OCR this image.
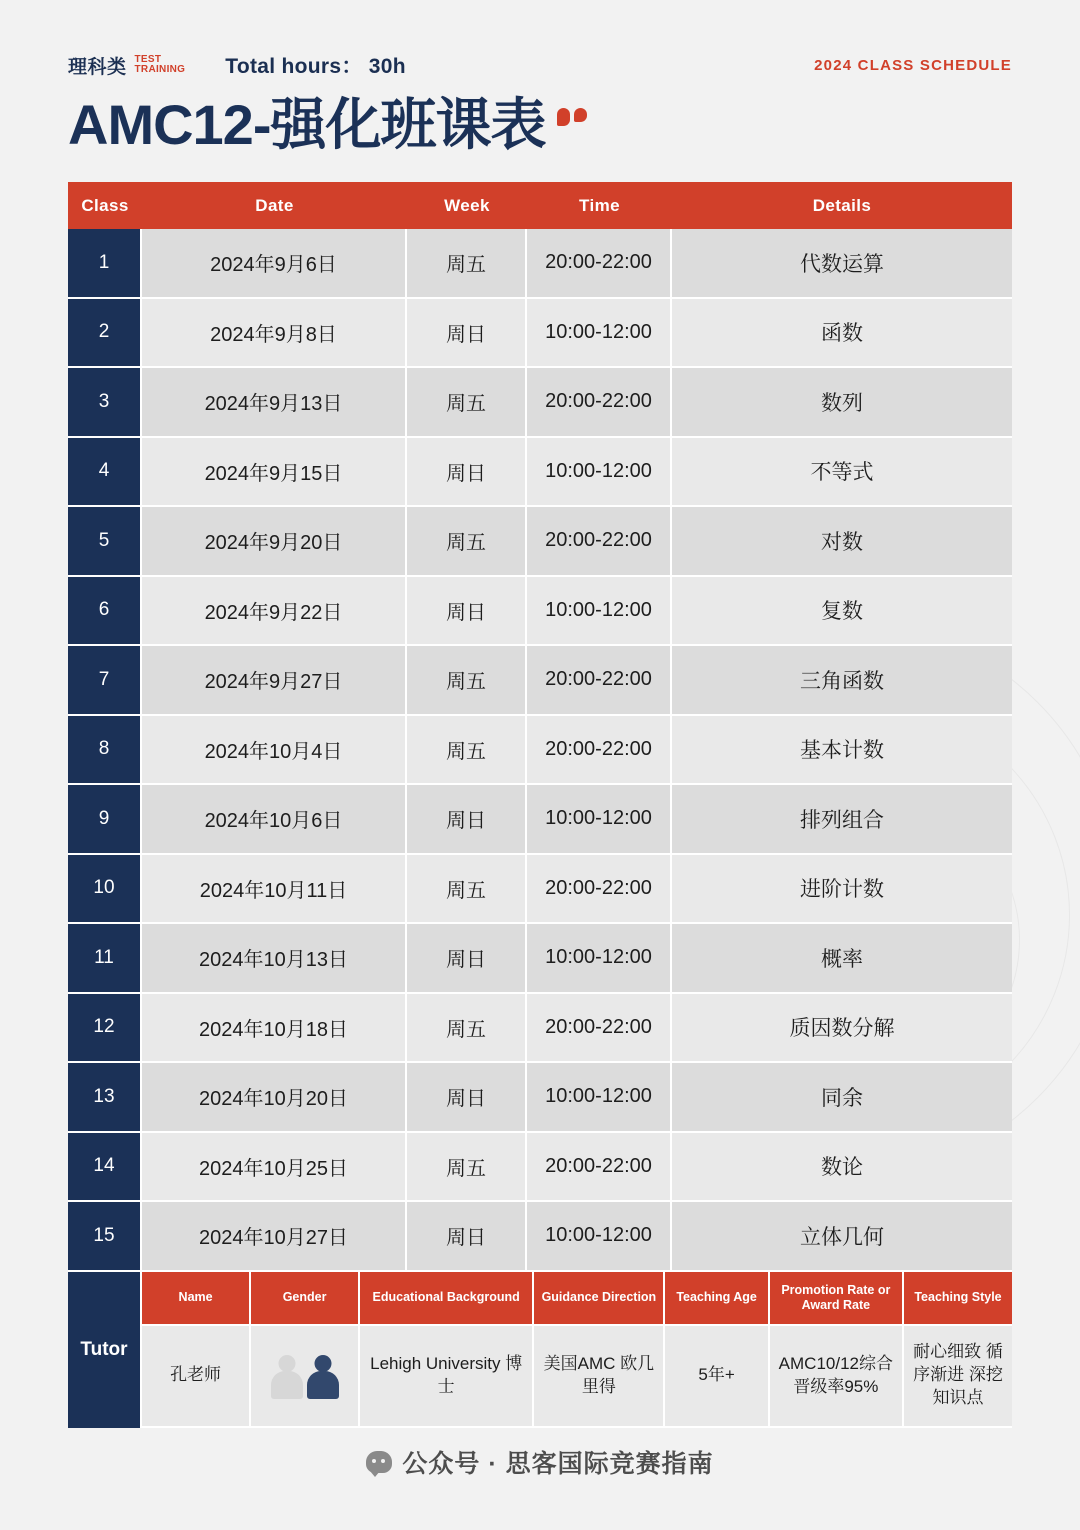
理科类 TEST
TRAINING Total hours： 30h	2024 CLASS SCHEDULE
AMC12-强化班课表
Class	Date	Week	Time	Details
1	2024年9月6日	周五	20:00-22:00	代数运算
2	2024年9月8日	周日	10:00-12:00	函数
3	2024年9月13日	周五	20:00-22:00	数列
4	2024年9月15日	周日	10:00-12:00	不等式
5	2024年9月20日	周五	20:00-22:00	对数
6	2024年9月22日	周日	10:00-12:00	复数
7	2024年9月27日	周五	20:00-22:00	三角函数
8	2024年10月4日	周五	20:00-22:00	基本计数
9	2024年10月6日	周日	10:00-12:00	排列组合
10	2024年10月11日	周五	20:00-22:00	进阶计数
11	2024年10月13日	周日	10:00-12:00	概率
12	2024年10月18日	周五	20:00-22:00	质因数分解
13	2024年10月20日	周日	10:00-12:00	同余
14	2024年10月25日	周五	20:00-22:00	数论
15	2024年10月27日	周日	10:00-12:00	立体几何
Tutor
Name	Gender	Educational Background	Guidance Direction	Teaching Age	Promotion Rate or Award Rate	Teaching Style
孔老师		Lehigh University 博士	美国AMC 欧几里得	5年+	AMC10/12综合晋级率95%	耐心细致 循序渐进 深挖知识点
公众号 · 思客国际竞赛指南
